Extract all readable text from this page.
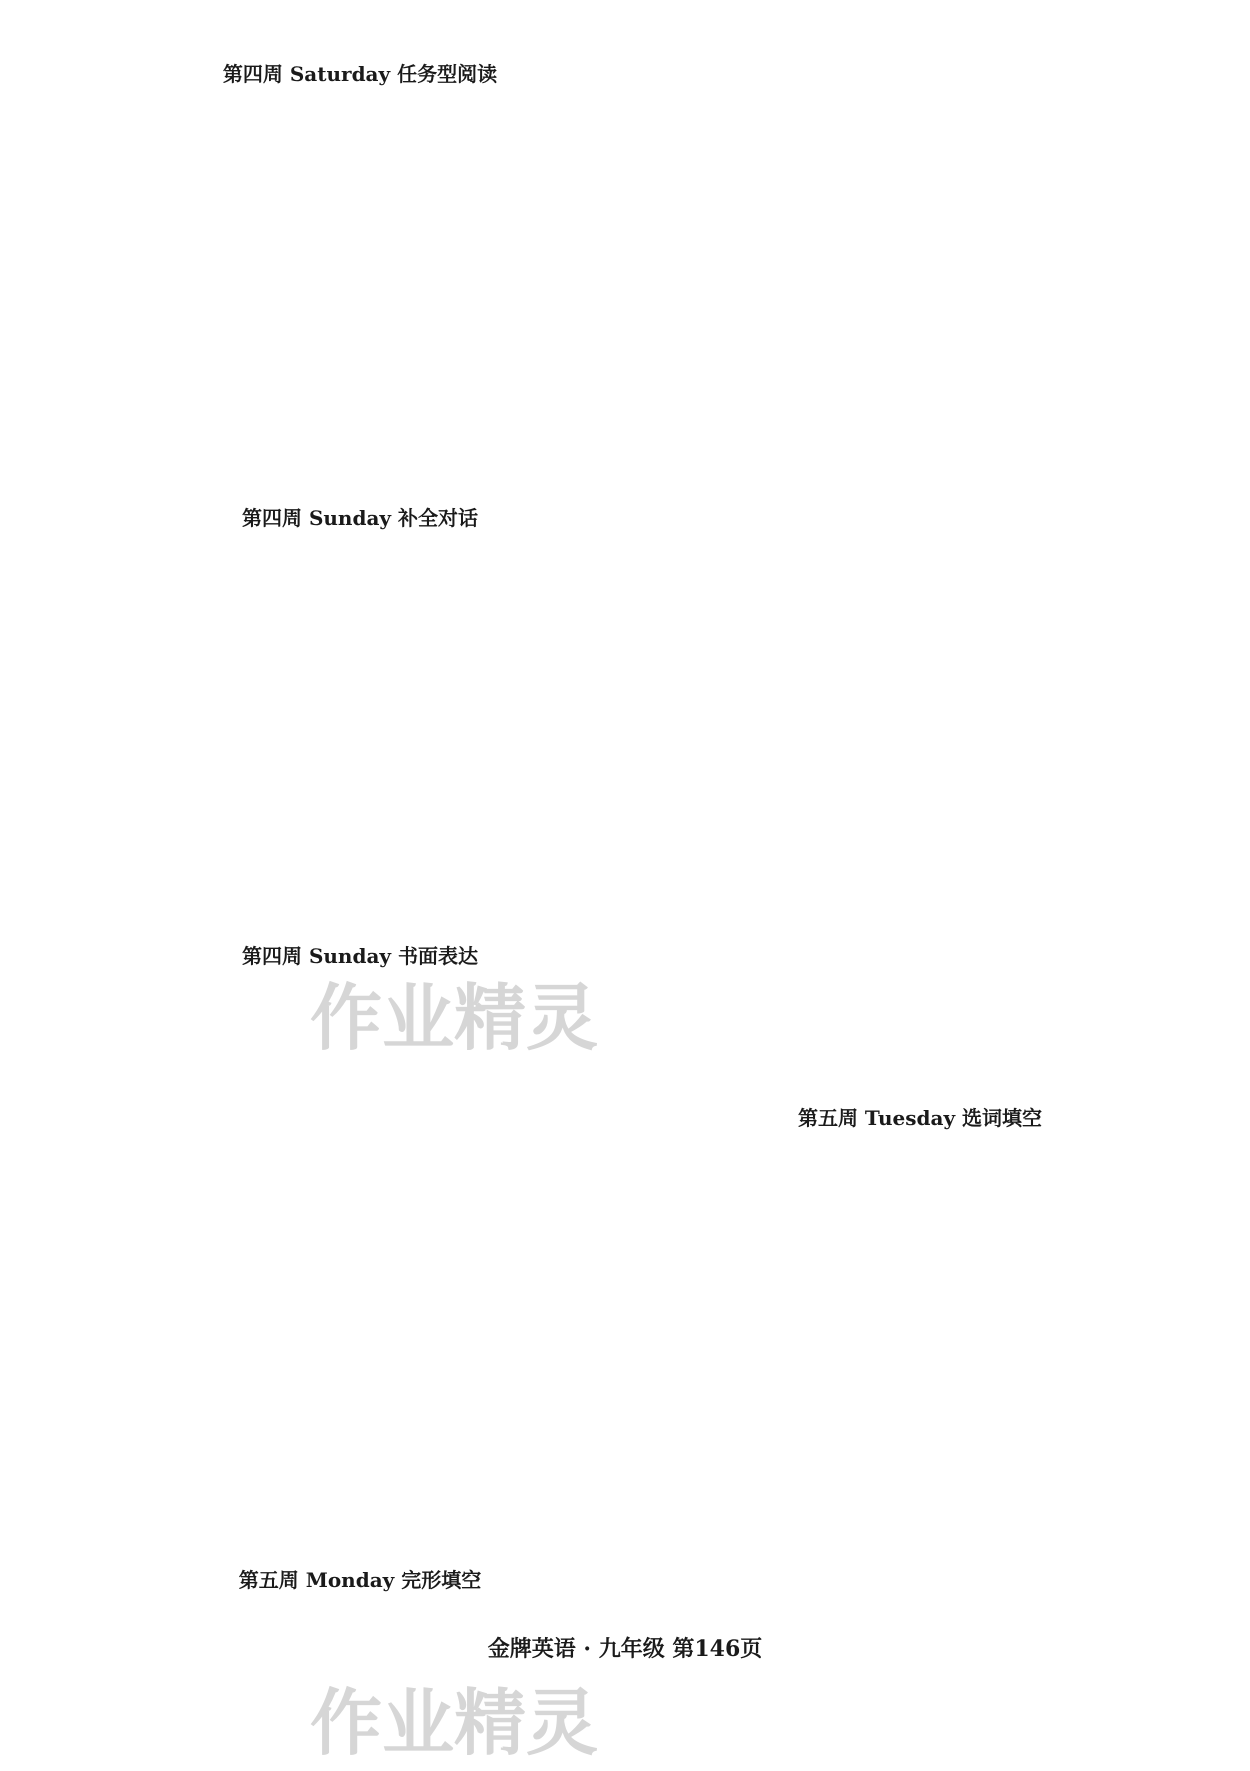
第四周 Saturday 任务型阅读
第四周 Sunday 补全对话
第四周 Sunday 书面表达
第五周 Monday 完形填空
第五周 Tuesday 选词填空
作业精灵
作业精灵
金牌英语 · 九年级 第146页
